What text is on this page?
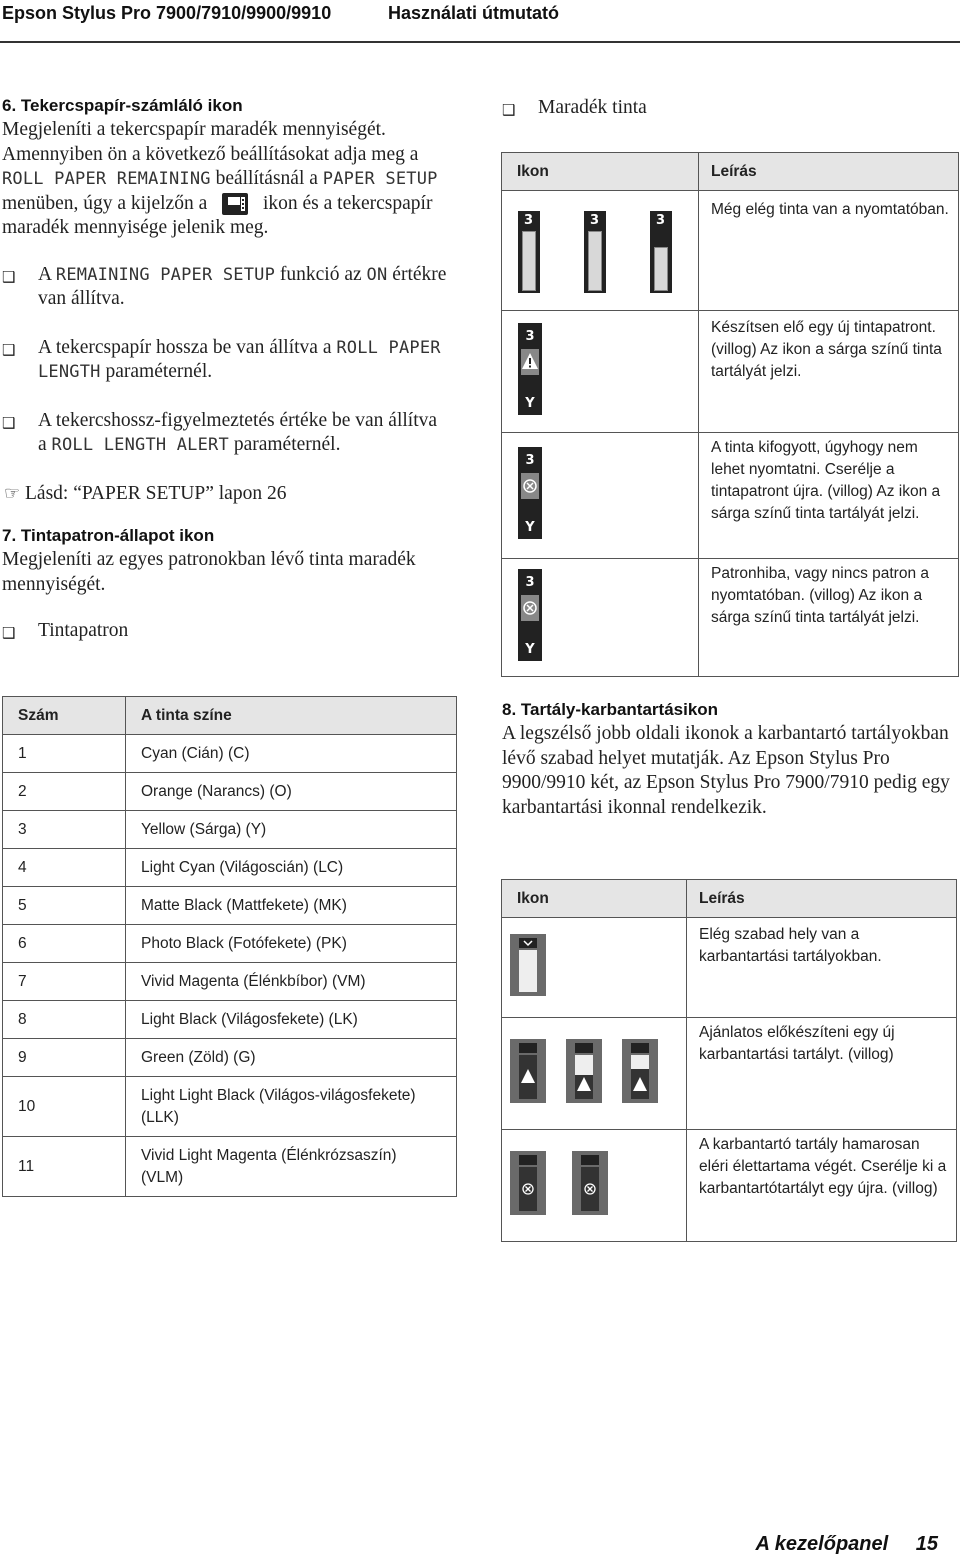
Epson Stylus Pro 7900/7910/9900/9910	Használati útmutató
6. Tekercspapír-számláló ikon
Megjeleníti a tekercspapír maradék mennyiségét.
Amennyiben ön a következő beállításokat adja meg a
ROLL PAPER REMAINING beállításnál a PAPER SETUP
menüben, úgy a kijelzőn a	ikon és a tekercspapír
maradék mennyisége jelenik meg.
❑ A REMAINING PAPER SETUP funkció az ON értékre
van állítva.
❑ A tekercspapír hossza be van állítva a ROLL PAPER
LENGTH paraméternél.
❑ A tekercshossz-figyelmeztetés értéke be van állítva
a ROLL LENGTH ALERT paraméternél.
☞ Lásd: “PAPER SETUP” lapon 26
7. Tintapatron-állapot ikon
Megjeleníti az egyes patronokban lévő tinta maradék
mennyiségét.
❑ Tintapatron
Szám	A tinta színe
1	Cyan (Cián) (C)
2	Orange (Narancs) (O)
3	Yellow (Sárga) (Y)
4	Light Cyan (Világoscián) (LC)
5	Matte Black (Mattfekete) (MK)
6	Photo Black (Fotófekete) (PK)
7	Vivid Magenta (Élénkbíbor) (VM)
8	Light Black (Világosfekete) (LK)
9	Green (Zöld) (G)
10	Light Light Black (Világos-világosfekete) (LLK)
11	Vivid Light Magenta (Élénkrózsaszín) (VLM)
❑ Maradék tinta
Ikon	Leírás

3 3 3	Még elég tinta van a nyomtatóban.

3
Y	Készítsen elő egy új tintapatront. (villog) Az ikon a sárga színű tinta tartályát jelzi.

3
Y	A tinta kifogyott, úgyhogy nem lehet nyomtatni. Cserélje a tintapatront újra. (villog) Az ikon a sárga színű tinta tartályát jelzi.

3
Y	Patronhiba, vagy nincs patron a nyomtatóban. (villog) Az ikon a sárga színű tinta tartályát jelzi.
8. Tartály-karbantartásikon
A legszélső jobb oldali ikonok a karbantartó tartályokban lévő szabad helyet mutatják. Az Epson Stylus Pro 9900/9910 két, az Epson Stylus Pro 7900/7910 pedig egy karbantartási ikonnal rendelkezik.
Ikon	Leírás
	Elég szabad hely van a karbantartási tartályokban.
	Ajánlatos előkészíteni egy új karbantartási tartályt. (villog)
	A karbantartó tartály hamarosan eléri élettartama végét. Cserélje ki a karbantartótartályt egy újra. (villog)
A kezelőpanel 15
